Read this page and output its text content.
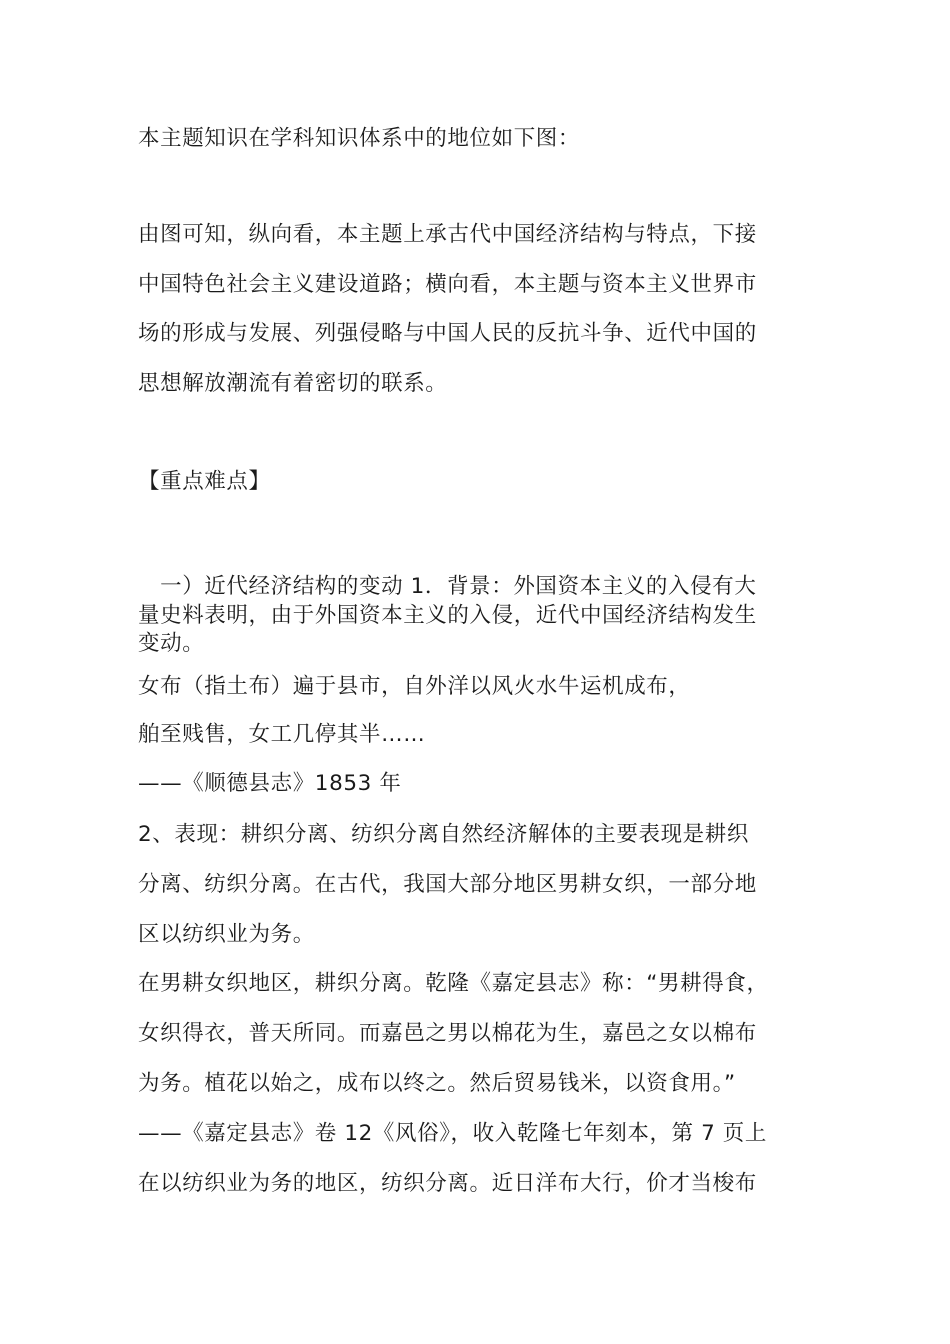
本主题知识在学科知识体系中的地位如下图：

由图可知，纵向看，本主题上承古代中国经济结构与特点，下接

中国特色社会主义建设道路；横向看，本主题与资本主义世界市

场的形成与发展、列强侵略与中国人民的反抗斗争、近代中国的

思想解放潮流有着密切的联系。

【重点难点】

　一）近代经济结构的变动 1．背景：外国资本主义的入侵有大

量史料表明，由于外国资本主义的入侵，近代中国经济结构发生

变动。

女布（指土布）遍于县市，自外洋以风火水牛运机成布，

舶至贱售，女工几停其半……

——《顺德县志》1853 年

2、表现：耕织分离、纺织分离自然经济解体的主要表现是耕织

分离、纺织分离。在古代，我国大部分地区男耕女织，一部分地

区以纺织业为务。

在男耕女织地区，耕织分离。乾隆《嘉定县志》称：“男耕得食，

女织得衣，普天所同。而嘉邑之男以棉花为生，嘉邑之女以棉布

为务。植花以始之，成布以终之。然后贸易钱米，以资食用。”

——《嘉定县志》卷 12《风俗》，收入乾隆七年刻本，第 7 页上

在以纺织业为务的地区，纺织分离。近日洋布大行，价才当梭布
